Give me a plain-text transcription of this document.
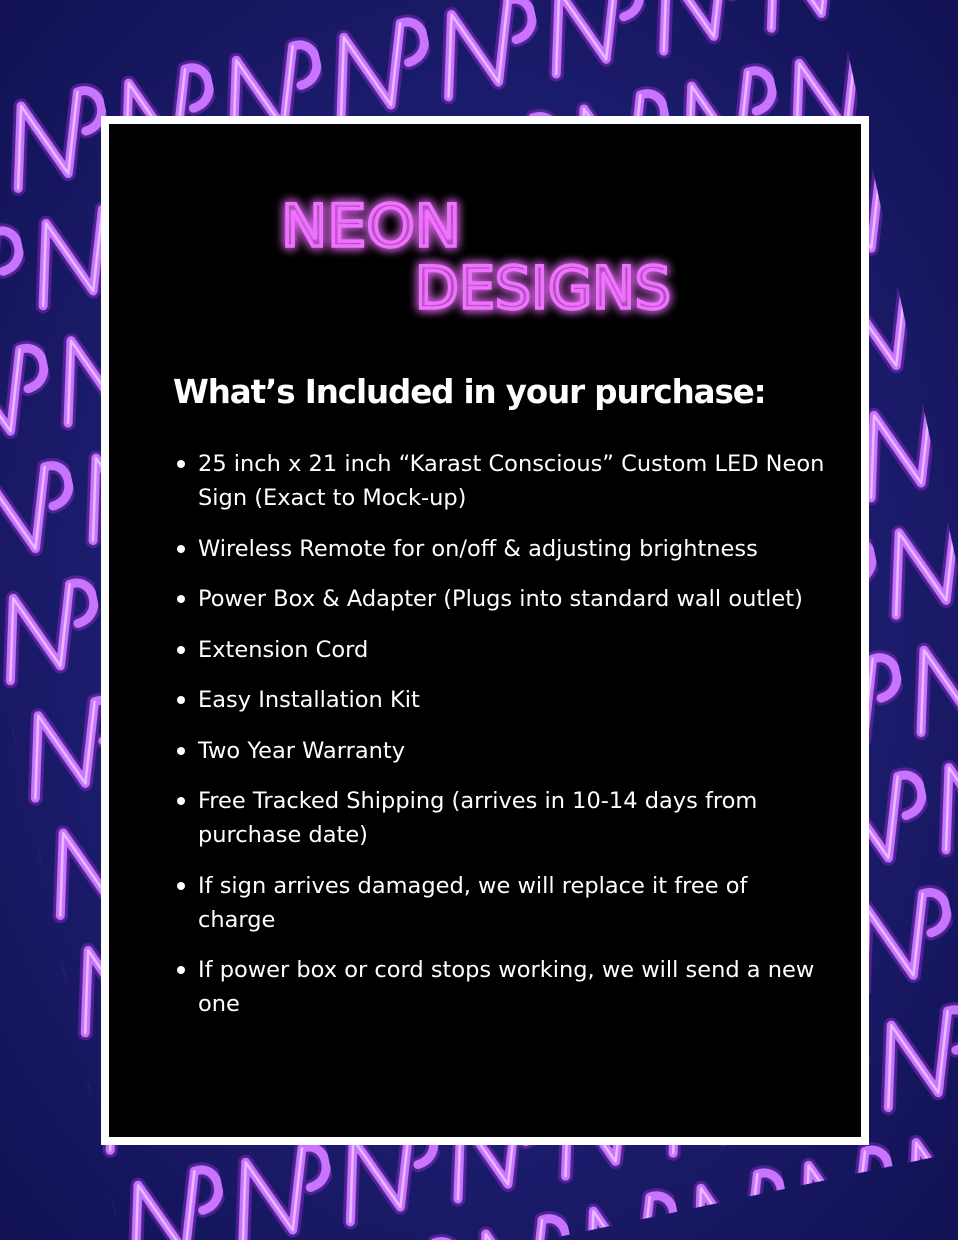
NEON
DESIGNS
What’s Included in your purchase:
25 inch x 21 inch “Karast Conscious” Custom LED Neon Sign (Exact to Mock-up)
Wireless Remote for on/off & adjusting brightness
Power Box & Adapter (Plugs into standard wall outlet)
Extension Cord
Easy Installation Kit
Two Year Warranty
Free Tracked Shipping (arrives in 10-14 days from purchase date)
If sign arrives damaged, we will replace it free of charge
If power box or cord stops working, we will send a new one
